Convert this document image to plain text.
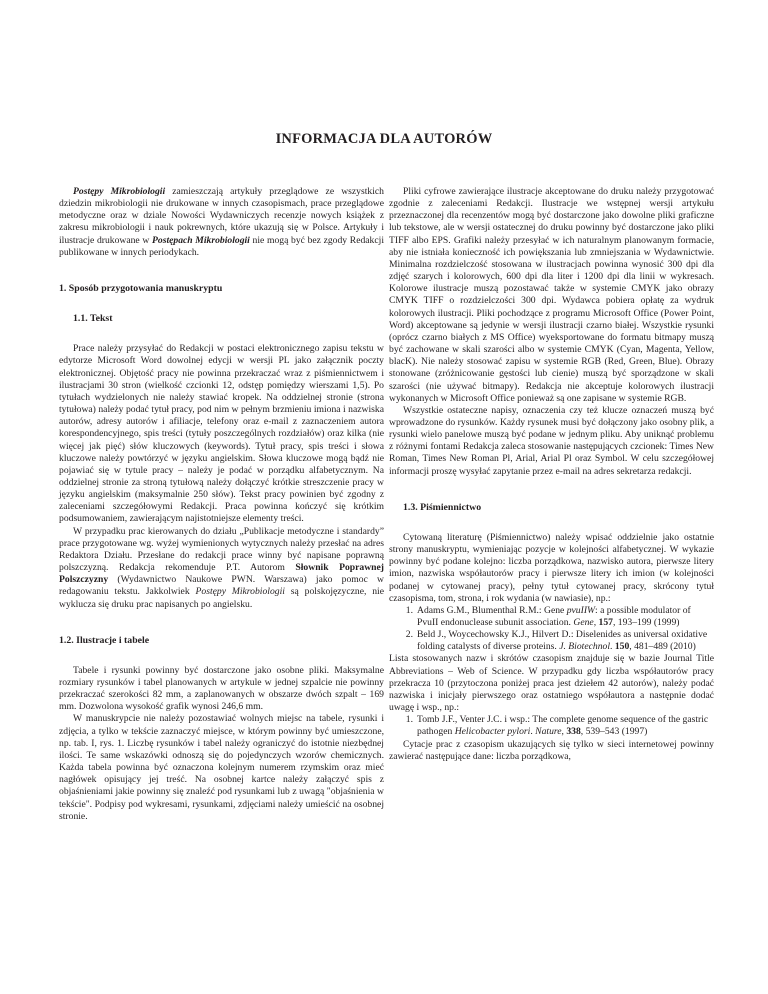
INFORMACJA DLA AUTORÓW

Postępy Mikrobiologii zamieszczają artykuły przeglądowe ze wszystkich dziedzin mikrobiologii nie drukowane w innych czasopismach, prace przeglądowe metodyczne oraz w dziale Nowości Wydawniczych recenzje nowych książek z zakresu mikrobiologii i nauk pokrewnych, które ukazują się w Polsce. Artykuły i ilustracje drukowane w Postępach Mikrobiologii nie mogą być bez zgody Redakcji publikowane w innych periodykach.

1. Sposób przygotowania manuskryptu
1.1. Tekst

Prace należy przysyłać do Redakcji w postaci elektronicznego zapisu tekstu w edytorze Microsoft Word dowolnej edycji w wersji PL jako załącznik poczty elektronicznej. Objętość pracy nie powinna przekraczać wraz z piśmiennictwem i ilustracjami 30 stron (wielkość czcionki 12, odstęp pomiędzy wierszami 1,5). Po tytułach wydzielonych nie należy stawiać kropek. Na oddzielnej stronie (strona tytułowa) należy podać tytuł pracy, pod nim w pełnym brzmieniu imiona i nazwiska autorów, adresy autorów i afiliacje, telefony oraz e-mail z zaznaczeniem autora korespondencyjnego, spis treści (tytuły poszczególnych rozdziałów) oraz kilka (nie więcej jak pięć) słów kluczowych (keywords). Tytuł pracy, spis treści i słowa kluczowe należy powtórzyć w języku angielskim. Słowa kluczowe mogą bądź nie pojawiać się w tytule pracy – należy je podać w porządku alfabetycznym. Na oddzielnej stronie za stroną tytułową należy dołączyć krótkie streszczenie pracy w języku angielskim (maksymalnie 250 słów). Tekst pracy powinien być zgodny z zaleceniami szczegółowymi Redakcji. Praca powinna kończyć się krótkim podsumowaniem, zawierającym najistotniejsze elementy treści.

W przypadku prac kierowanych do działu „Publikacje metodyczne i standardy” prace przygotowane wg. wyżej wymienionych wytycznych należy przesłać na adres Redaktora Działu. Przesłane do redakcji prace winny być napisane poprawną polszczyzną. Redakcja rekomenduje P.T. Autorom Słownik Poprawnej Polszczyzny (Wydawnictwo Naukowe PWN. Warszawa) jako pomoc w redagowaniu tekstu. Jakkolwiek Postępy Mikrobiologii są polskojęzyczne, nie wyklucza się druku prac napisanych po angielsku.

1.2. Ilustracje i tabele

Tabele i rysunki powinny być dostarczone jako osobne pliki. Maksymalne rozmiary rysunków i tabel planowanych w artykule w jednej szpalcie nie powinny przekraczać szerokości 82 mm, a zaplanowanych w obszarze dwóch szpalt – 169 mm. Dozwolona wysokość grafik wynosi 246,6 mm.

W manuskrypcie nie należy pozostawiać wolnych miejsc na tabele, rysunki i zdjęcia, a tylko w tekście zaznaczyć miejsce, w którym powinny być umieszczone, np. tab. I, rys. 1. Liczbę rysunków i tabel należy ograniczyć do istotnie niezbędnej ilości. Te same wskazówki odnoszą się do pojedynczych wzorów chemicznych. Każda tabela powinna być oznaczona kolejnym numerem rzymskim oraz mieć nagłówek opisujący jej treść. Na osobnej kartce należy załączyć spis z objaśnieniami jakie powinny się znaleźć pod rysunkami lub z uwagą "objaśnienia w tekście". Podpisy pod wykresami, rysunkami, zdjęciami należy umieścić na osobnej stronie.

Pliki cyfrowe zawierające ilustracje akceptowane do druku należy przygotować zgodnie z zaleceniami Redakcji. Ilustracje we wstępnej wersji artykułu przeznaczonej dla recenzentów mogą być dostarczone jako dowolne pliki graficzne lub tekstowe, ale w wersji ostatecznej do druku powinny być dostarczone jako pliki TIFF albo EPS. Grafiki należy przesyłać w ich naturalnym planowanym formacie, aby nie istniała konieczność ich powiększania lub zmniejszania w Wydawnictwie. Minimalna rozdzielczość stosowana w ilustracjach powinna wynosić 300 dpi dla zdjęć szarych i kolorowych, 600 dpi dla liter i 1200 dpi dla linii w wykresach. Kolorowe ilustracje muszą pozostawać także w systemie CMYK jako obrazy CMYK TIFF o rozdzielczości 300 dpi. Wydawca pobiera opłatę za wydruk kolorowych ilustracji. Pliki pochodzące z programu Microsoft Office (Power Point, Word) akceptowane są jedynie w wersji ilustracji czarno białej. Wszystkie rysunki (oprócz czarno białych z MS Office) wyeksportowane do formatu bitmapy muszą być zachowane w skali szarości albo w systemie CMYK (Cyan, Magenta, Yellow, blacK). Nie należy stosować zapisu w systemie RGB (Red, Green, Blue). Obrazy stonowane (zróżnicowanie gęstości lub cienie) muszą być sporządzone w skali szarości (nie używać bitmapy). Redakcja nie akceptuje kolorowych ilustracji wykonanych w Microsoft Office ponieważ są one zapisane w systemie RGB.

Wszystkie ostateczne napisy, oznaczenia czy też klucze oznaczeń muszą być wprowadzone do rysunków. Każdy rysunek musi być dołączony jako osobny plik, a rysunki wielo panelowe muszą być podane w jednym pliku. Aby uniknąć problemu z różnymi fontami Redakcja zaleca stosowanie następujących czcionek: Times New Roman, Times New Roman Pl, Arial, Arial Pl oraz Symbol. W celu szczegółowej informacji proszę wysyłać zapytanie przez e-mail na adres sekretarza redakcji.

1.3. Piśmiennictwo

Cytowaną literaturę (Piśmiennictwo) należy wpisać oddzielnie jako ostatnie strony manuskryptu, wymieniając pozycje w kolejności alfabetycznej. W wykazie powinny być podane kolejno: liczba porządkowa, nazwisko autora, pierwsze litery imion, nazwiska współautorów pracy i pierwsze litery ich imion (w kolejności podanej w cytowanej pracy), pełny tytuł cytowanej pracy, skrócony tytuł czasopisma, tom, strona, i rok wydania (w nawiasie), np.:

1. Adams G.M., Blumenthal R.M.: Gene pvuIIW: a possible modulator of PvuII endonuclease subunit association. Gene, 157, 193–199 (1999)
2. Beld J., Woycechowsky K.J., Hilvert D.: Diselenides as universal oxidative folding catalysts of diverse proteins. J. Biotechnol. 150, 481–489 (2010)

Lista stosowanych nazw i skrótów czasopism znajduje się w bazie Journal Title Abbreviations – Web of Science. W przypadku gdy liczba współautorów pracy przekracza 10 (przytoczona poniżej praca jest dziełem 42 autorów), należy podać nazwiska i inicjały pierwszego oraz ostatniego współautora a następnie dodać uwagę i wsp., np.:

1. Tomb J.F., Venter J.C. i wsp.: The complete genome sequence of the gastric pathogen Helicobacter pylori. Nature, 338, 539–543 (1997)

Cytacje prac z czasopism ukazujących się tylko w sieci internetowej powinny zawierać następujące dane: liczba porządkowa,
